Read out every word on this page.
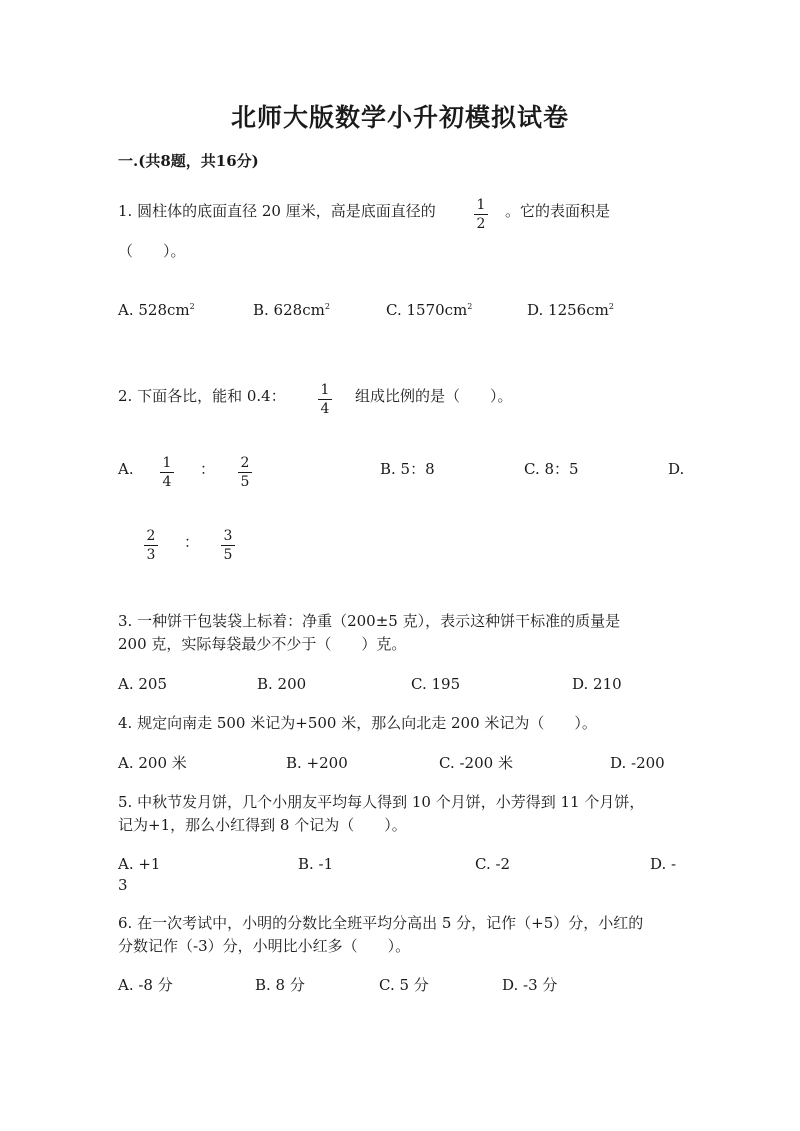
北师大版数学小升初模拟试卷
一.(共8题，共16分)
1. 圆柱体的底面直径 20 厘米，高是底面直径的	$\frac{1}{2}$ 。它的表面积是
（　　）。
A. $528cm^2$	B. $628cm^2$	C. $1570cm^2$	D. $1256cm^2$
2. 下面各比，能和 0.4： $\frac{1}{4}$ 组成比例的是（　　）。
A. $\frac{1}{4}$ ： $\frac{2}{5}$	B. 5：8	C. 8：5	D.
$\frac{2}{3}$ ： $\frac{3}{5}$
3. 一种饼干包装袋上标着：净重（200±5 克），表示这种饼干标准的质量是
200 克，实际每袋最少不少于（　　）克。
A. 205	B. 200	C. 195	D. 210
4. 规定向南走 500 米记为+500 米，那么向北走 200 米记为（　　）。
A. 200 米	B. +200	C. -200 米	D. -200
5. 中秋节发月饼，几个小朋友平均每人得到 10 个月饼，小芳得到 11 个月饼，
记为+1，那么小红得到 8 个记为（　　）。
A. +1	B. -1	C. -2	D. -
3
6. 在一次考试中，小明的分数比全班平均分高出 5 分，记作（+5）分，小红的
分数记作（-3）分，小明比小红多（　　）。
A. -8 分	B. 8 分	C. 5 分	D. -3 分
